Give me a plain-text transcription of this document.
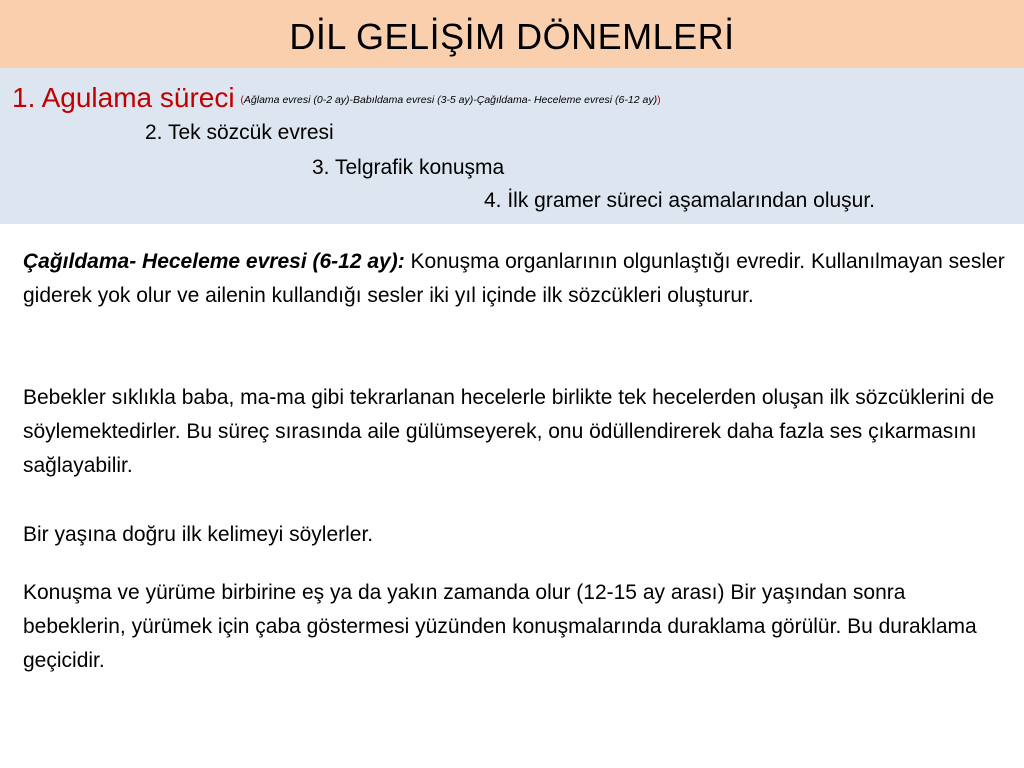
DİL GELİŞİM DÖNEMLERİ
1. Agulama süreci (Ağlama evresi (0-2 ay)-Babıldama evresi (3-5 ay)-Çağıldama- Heceleme evresi (6-12 ay))
2. Tek sözcük evresi
3. Telgrafik konuşma
4. İlk gramer süreci aşamalarından oluşur.

Çağıldama- Heceleme evresi (6-12 ay): Konuşma organlarının olgunlaştığı evredir. Kullanılmayan sesler giderek yok olur ve ailenin kullandığı sesler iki yıl içinde ilk sözcükleri oluşturur.

Bebekler sıklıkla baba, ma-ma gibi tekrarlanan hecelerle birlikte tek hecelerden oluşan ilk sözcüklerini de söylemektedirler. Bu süreç sırasında aile gülümseyerek, onu ödüllendirerek daha fazla ses çıkarmasını sağlayabilir.

Bir yaşına doğru ilk kelimeyi söylerler.

Konuşma ve yürüme birbirine eş ya da yakın zamanda olur (12-15 ay arası) Bir yaşından sonra bebeklerin, yürümek için çaba göstermesi yüzünden konuşmalarında duraklama görülür. Bu duraklama geçicidir.
